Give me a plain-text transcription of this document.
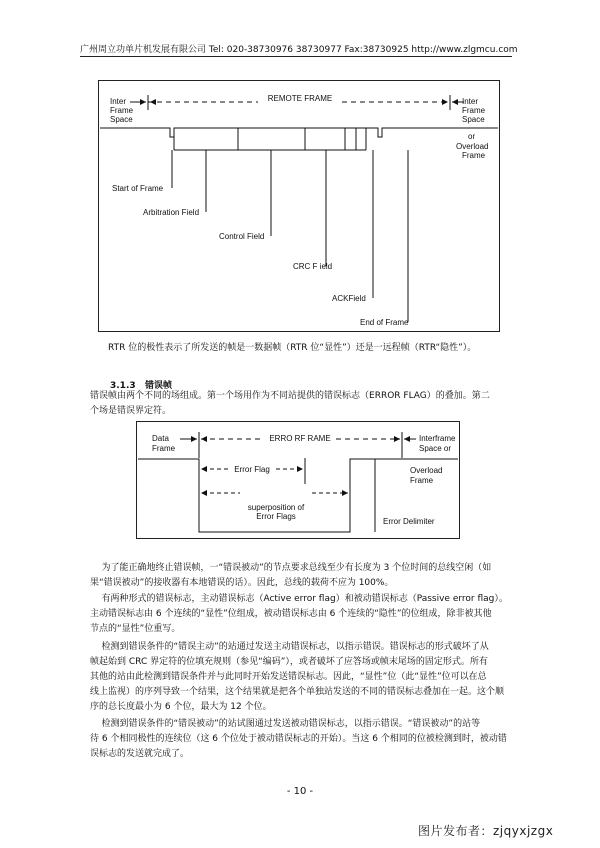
广州周立功单片机发展有限公司 Tel: 020-38730976 38730977 Fax:38730925 http://www.zlgmcu.com
Inter
Frame
Space
REMOTE FRAME	Inter
Frame
Space
or
Overload
Frame
Start of Frame
Arbitration Field
Control Field
CRC F ield
ACKField
End of Frame
RTR 位的极性表示了所发送的帧是一数据帧（RTR 位“显性”）还是一远程帧（RTR“隐性”）。
3.1.3 错误帧
错误帧由两个不同的场组成。第一个场用作为不同站提供的错误标志（ERROR FLAG）的叠加。第二
个场是错误界定符。
Data
Frame
ERRO RF RAME	Interframe
Space or
Overload
Frame
Error Flag
superposition of
Error Flags
Error Delimiter
为了能正确地终止错误帧，一“错误被动”的节点要求总线至少有长度为 3 个位时间的总线空闲（如
果“错误被动”的接收器有本地错误的话）。因此，总线的载荷不应为 100%。
有两种形式的错误标志，主动错误标志（Active error flag）和被动错误标志（Passive error flag）。
主动错误标志由 6 个连续的“显性”位组成，被动错误标志由 6 个连续的“隐性”的位组成，除非被其他
节点的“显性”位重写。
检测到错误条件的“错误主动”的站通过发送主动错误标志，以指示错误。错误标志的形式破坏了从
帧起始到 CRC 界定符的位填充规则（参见“编码”），或者破坏了应答场或帧末尾场的固定形式。所有
其他的站由此检测到错误条件并与此同时开始发送错误标志。因此，“显性”位（此“显性”位可以在总
线上监视）的序列导致一个结果，这个结果就是把各个单独站发送的不同的错误标志叠加在一起。这个顺
序的总长度最小为 6 个位，最大为 12 个位。
检测到错误条件的“错误被动”的站试图通过发送被动错误标志，以指示错误。“错误被动”的站等
待 6 个相同极性的连续位（这 6 个位处于被动错误标志的开始）。当这 6 个相同的位被检测到时，被动错
误标志的发送就完成了。
- 10 -
图片发布者：zjqyxjzgx
